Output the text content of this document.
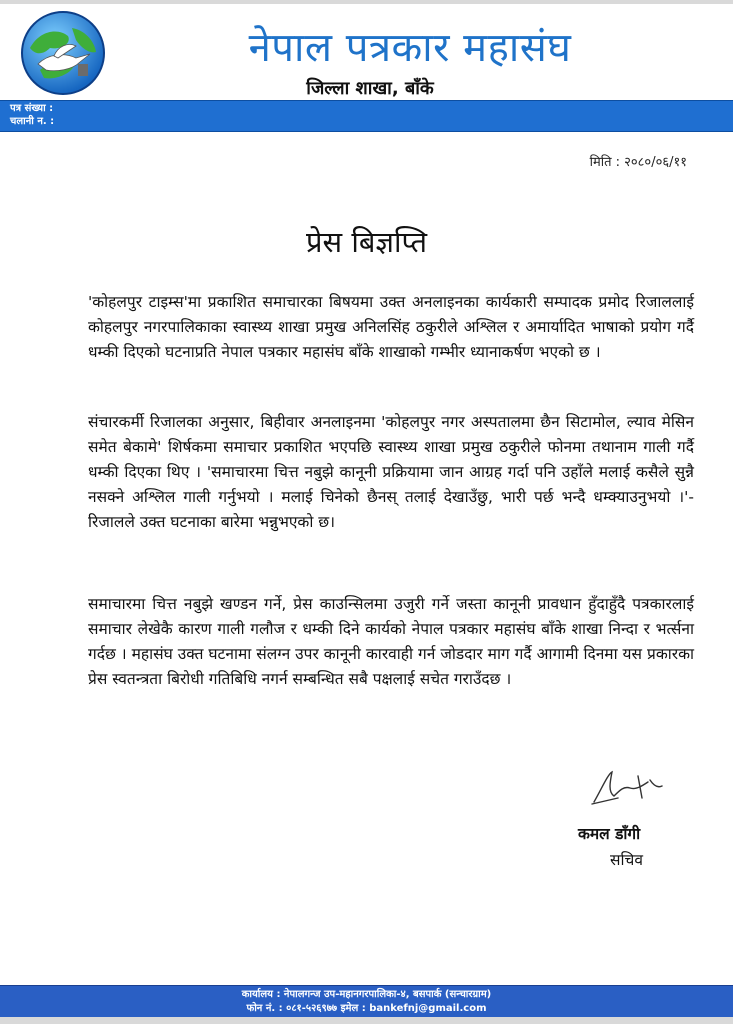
नेपाल पत्रकार महासंघ
जिल्ला शाखा, बाँके
पत्र संख्या :
चलानी न. :
मिति : २०८०/०६/११
प्रेस बिज्ञप्ति
'कोहलपुर टाइम्स'मा प्रकाशित समाचारका बिषयमा उक्त अनलाइनका कार्यकारी सम्पादक प्रमोद रिजाललाई कोहलपुर नगरपालिकाका स्वास्थ्य शाखा प्रमुख अनिलसिंह ठकुरीले अश्लिल र अमार्यादित भाषाको प्रयोग गर्दै धम्की दिएको घटनाप्रति नेपाल पत्रकार महासंघ बाँके शाखाको गम्भीर ध्यानाकर्षण भएको छ ।
संचारकर्मी रिजालका अनुसार, बिहीवार अनलाइनमा 'कोहलपुर नगर अस्पतालमा छैन सिटामोल, ल्याव मेसिन समेत बेकामे' शिर्षकमा समाचार प्रकाशित भएपछि स्वास्थ्य शाखा प्रमुख ठकुरीले फोनमा तथानाम गाली गर्दै धम्की दिएका थिए । 'समाचारमा चित्त नबुझे कानूनी प्रक्रियामा जान आग्रह गर्दा पनि उहाँले मलाई कसैले सुन्नै नसक्ने अश्लिल गाली गर्नुभयो । मलाई चिनेको छैनस् तलाई देखाउँछु, भारी पर्छ भन्दै धम्क्याउनुभयो ।'- रिजालले उक्त घटनाका बारेमा भन्नुभएको छ।
समाचारमा चित्त नबुझे खण्डन गर्ने, प्रेस काउन्सिलमा उजुरी गर्ने जस्ता कानूनी प्रावधान हुँदाहुँदै पत्रकारलाई समाचार लेखेकै कारण गाली गलौज र धम्की दिने कार्यको नेपाल पत्रकार महासंघ बाँके शाखा निन्दा र भर्त्सना गर्दछ । महासंघ उक्त घटनामा संलग्न उपर कानूनी कारवाही गर्न जोडदार माग गर्दै आगामी दिनमा यस प्रकारका प्रेस स्वतन्त्रता बिरोधी गतिबिधि नगर्न सम्बन्धित सबै पक्षलाई सचेत गराउँदछ ।
कमल डाँगी
सचिव
कार्यालय : नेपालगन्ज उप-महानगरपालिका-४, बसपार्क (सन्चारग्राम)
फोन नं. : ०८१-५२६९७७ इमेल : bankefnj@gmail.com
